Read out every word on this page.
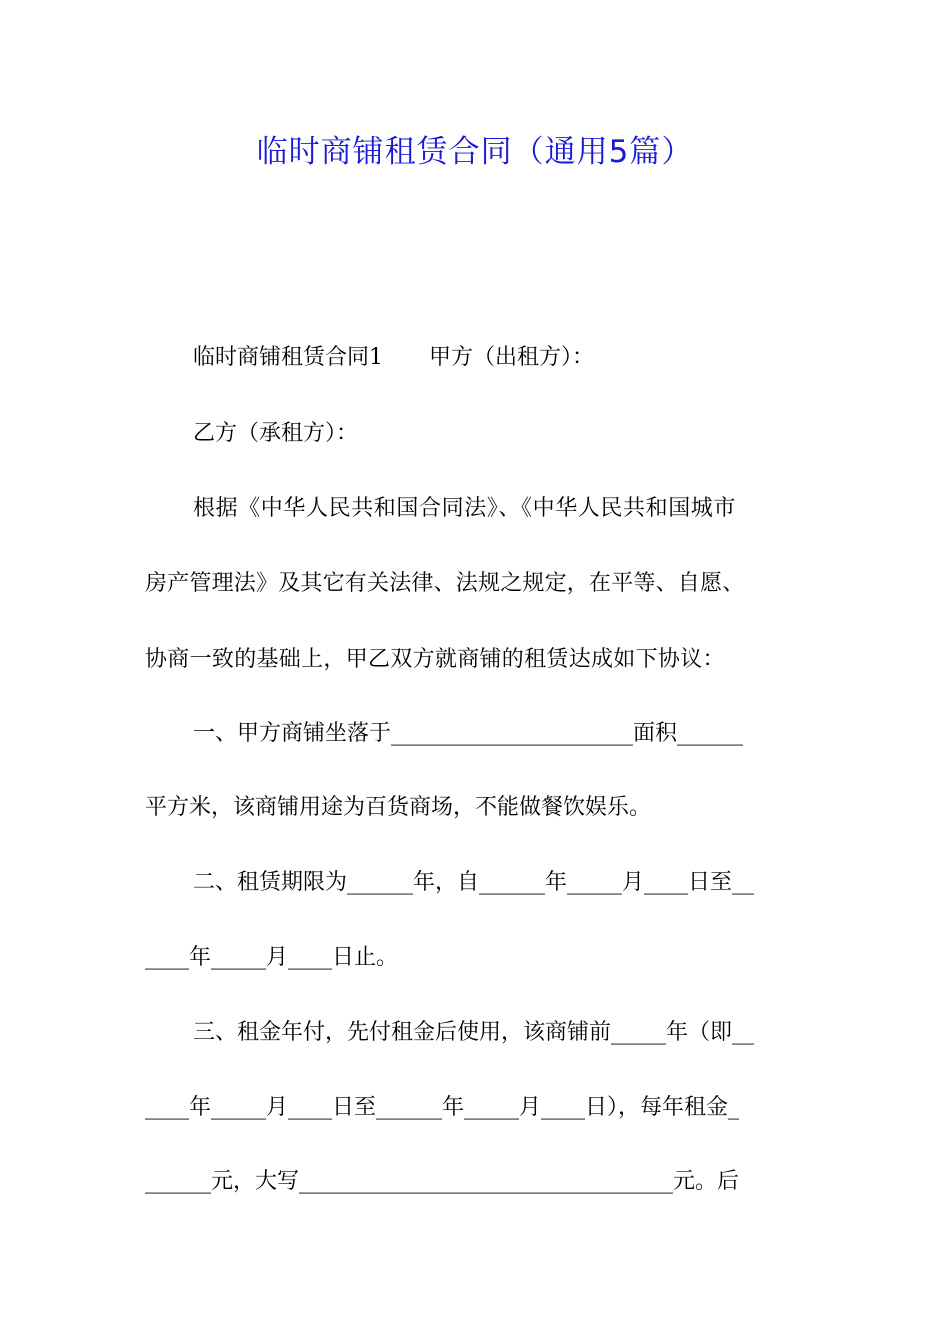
临时商铺租赁合同（通用5篇）
临时商铺租赁合同1 甲方（出租方）：
乙方（承租方）：
根据《中华人民共和国合同法》、《中华人民共和国城市
房产管理法》及其它有关法律、法规之规定，在平等、自愿、
协商一致的基础上，甲乙双方就商铺的租赁达成如下协议：
一、甲方商铺坐落于______________________面积______
平方米，该商铺用途为百货商场，不能做餐饮娱乐。
二、租赁期限为______年，自______年_____月____日至__
____年_____月____日止。
三、租金年付，先付租金后使用，该商铺前_____年（即__
____年_____月____日至______年_____月____日），每年租金_
______元，大写__________________________________元。后
